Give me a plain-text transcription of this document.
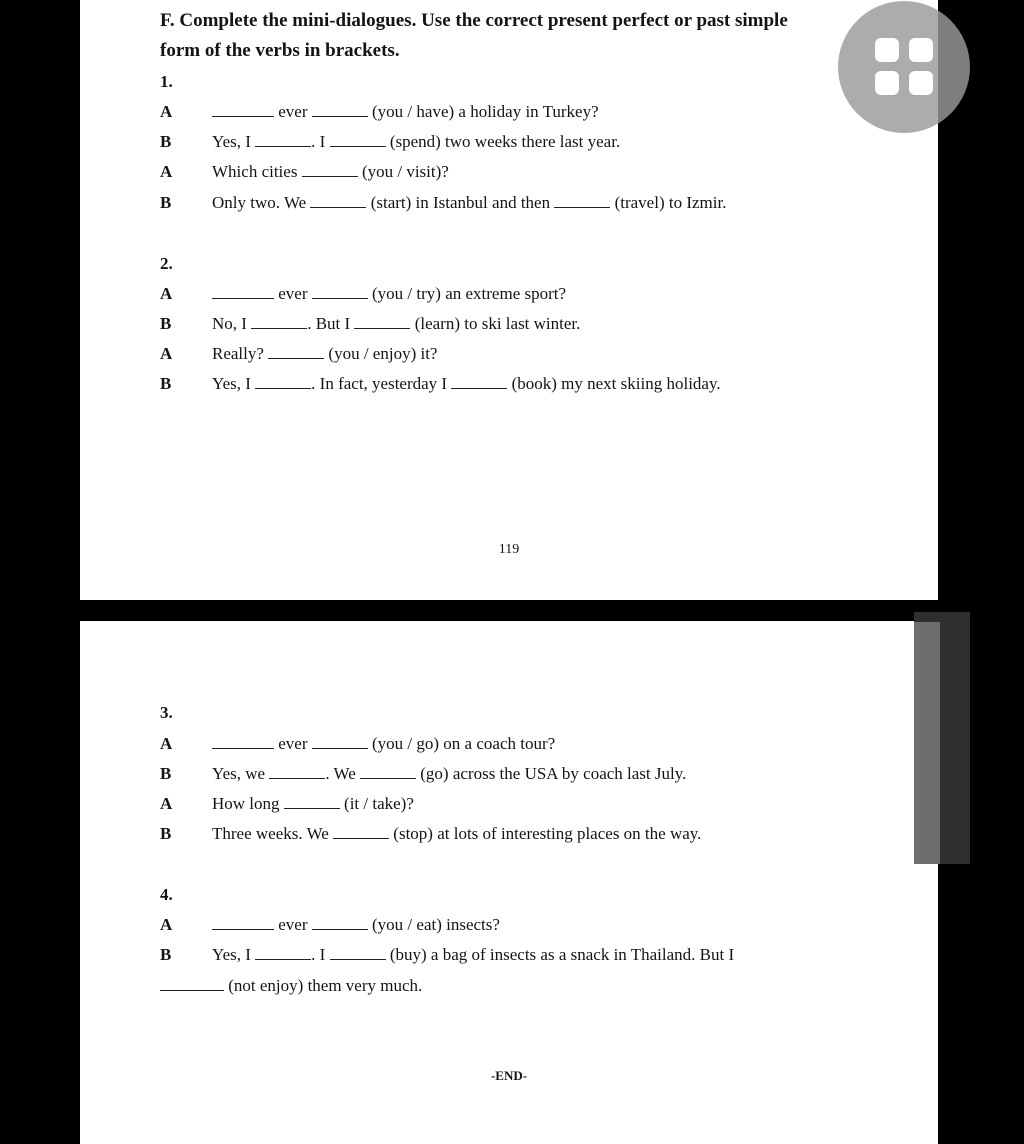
F. Complete the mini-dialogues. Use the correct present perfect or past simple
form of the verbs in brackets.
1.
A	ever	(you / have) a holiday in Turkey?
B	Yes, I	. I	(spend) two weeks there last year.
A	Which cities	(you / visit)?
B	Only two. We	(start) in Istanbul and then	(travel) to Izmir.
2.
A	ever	(you / try) an extreme sport?
B	No, I	. But I	(learn) to ski last winter.
A	Really?	(you / enjoy) it?
B	Yes, I	. In fact, yesterday I	(book) my next skiing holiday.
119
3.
A	ever	(you / go) on a coach tour?
B	Yes, we	. We	(go) across the USA by coach last July.
A	How long	(it / take)?
B	Three weeks. We	(stop) at lots of interesting places on the way.
4.
A	ever	(you / eat) insects?
B	Yes, I	. I	(buy) a bag of insects as a snack in Thailand. But I
(not enjoy) them very much.
-END-
